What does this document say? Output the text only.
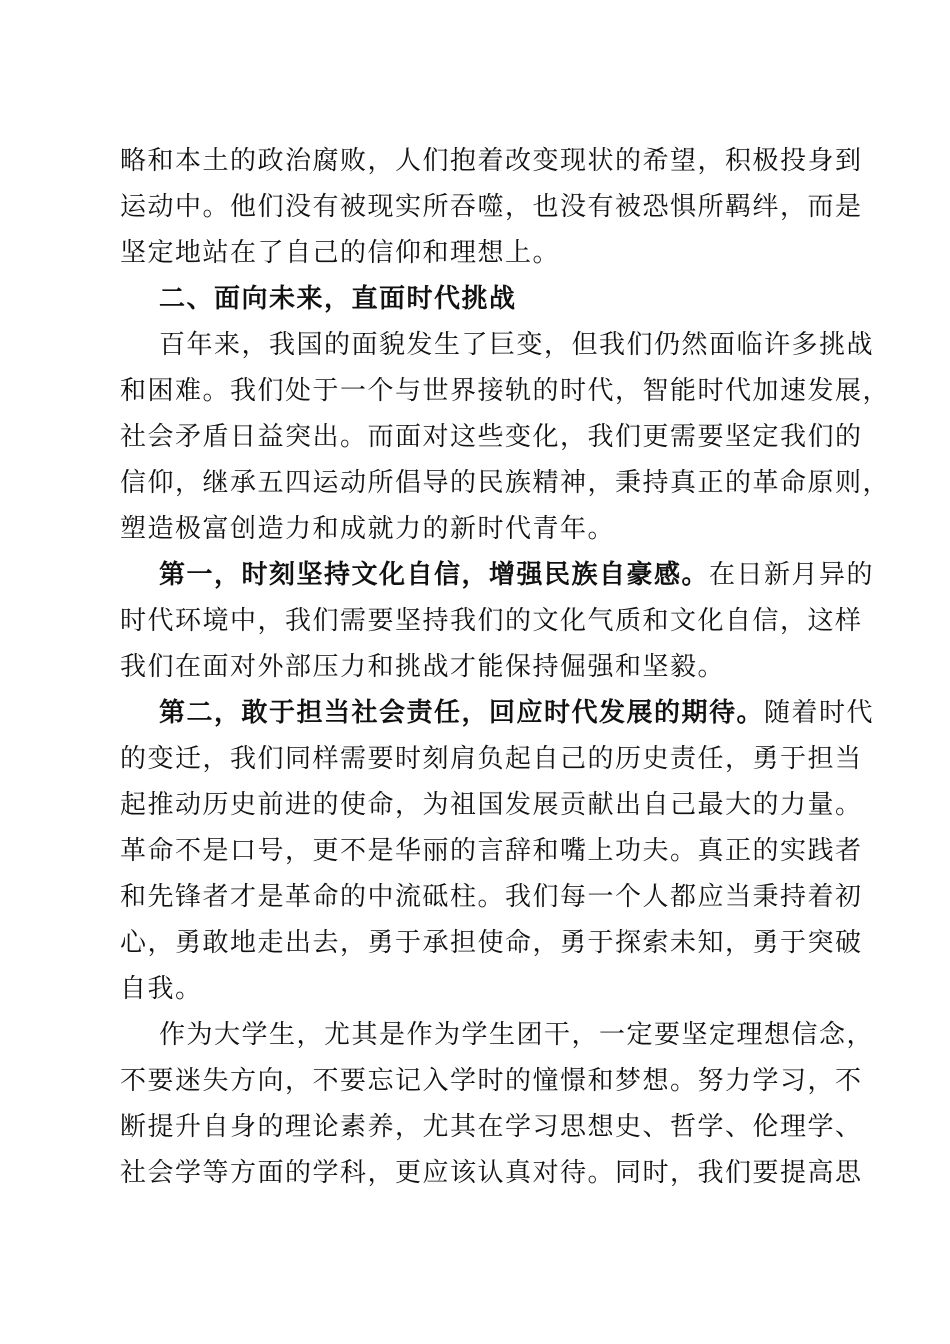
略和本土的政治腐败，人们抱着改变现状的希望，积极投身到
运动中。他们没有被现实所吞噬，也没有被恐惧所羁绊，而是
坚定地站在了自己的信仰和理想上。
二、面向未来，直面时代挑战
百年来，我国的面貌发生了巨变，但我们仍然面临许多挑战
和困难。我们处于一个与世界接轨的时代，智能时代加速发展，
社会矛盾日益突出。而面对这些变化，我们更需要坚定我们的
信仰，继承五四运动所倡导的民族精神，秉持真正的革命原则，
塑造极富创造力和成就力的新时代青年。
第一，时刻坚持文化自信，增强民族自豪感。在日新月异的
时代环境中，我们需要坚持我们的文化气质和文化自信，这样
我们在面对外部压力和挑战才能保持倔强和坚毅。
第二，敢于担当社会责任，回应时代发展的期待。随着时代
的变迁，我们同样需要时刻肩负起自己的历史责任，勇于担当
起推动历史前进的使命，为祖国发展贡献出自己最大的力量。
革命不是口号，更不是华丽的言辞和嘴上功夫。真正的实践者
和先锋者才是革命的中流砥柱。我们每一个人都应当秉持着初
心，勇敢地走出去，勇于承担使命，勇于探索未知，勇于突破
自我。
作为大学生，尤其是作为学生团干，一定要坚定理想信念，
不要迷失方向，不要忘记入学时的憧憬和梦想。努力学习，不
断提升自身的理论素养，尤其在学习思想史、哲学、伦理学、
社会学等方面的学科，更应该认真对待。同时，我们要提高思
